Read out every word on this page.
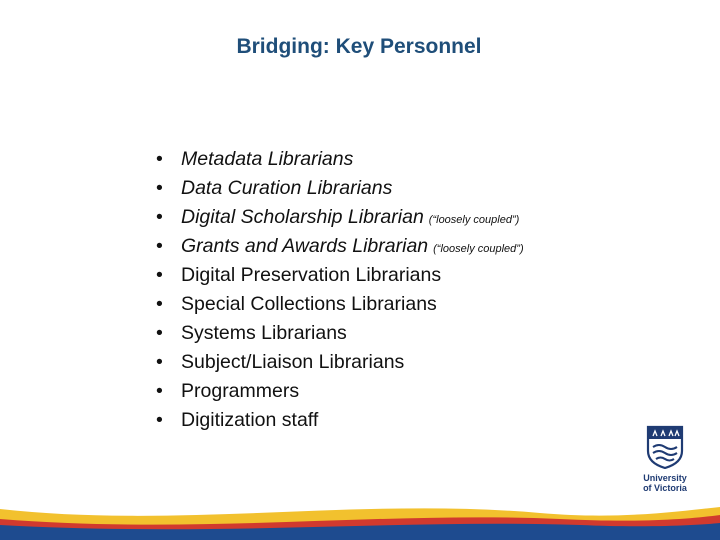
Bridging: Key Personnel
• Metadata Librarians
• Data Curation Librarians
• Digital Scholarship Librarian (“loosely coupled”)
• Grants and Awards Librarian (“loosely coupled”)
• Digital Preservation Librarians
• Special Collections Librarians
• Systems Librarians
• Subject/Liaison Librarians
• Programmers
• Digitization staff
University
of Victoria
